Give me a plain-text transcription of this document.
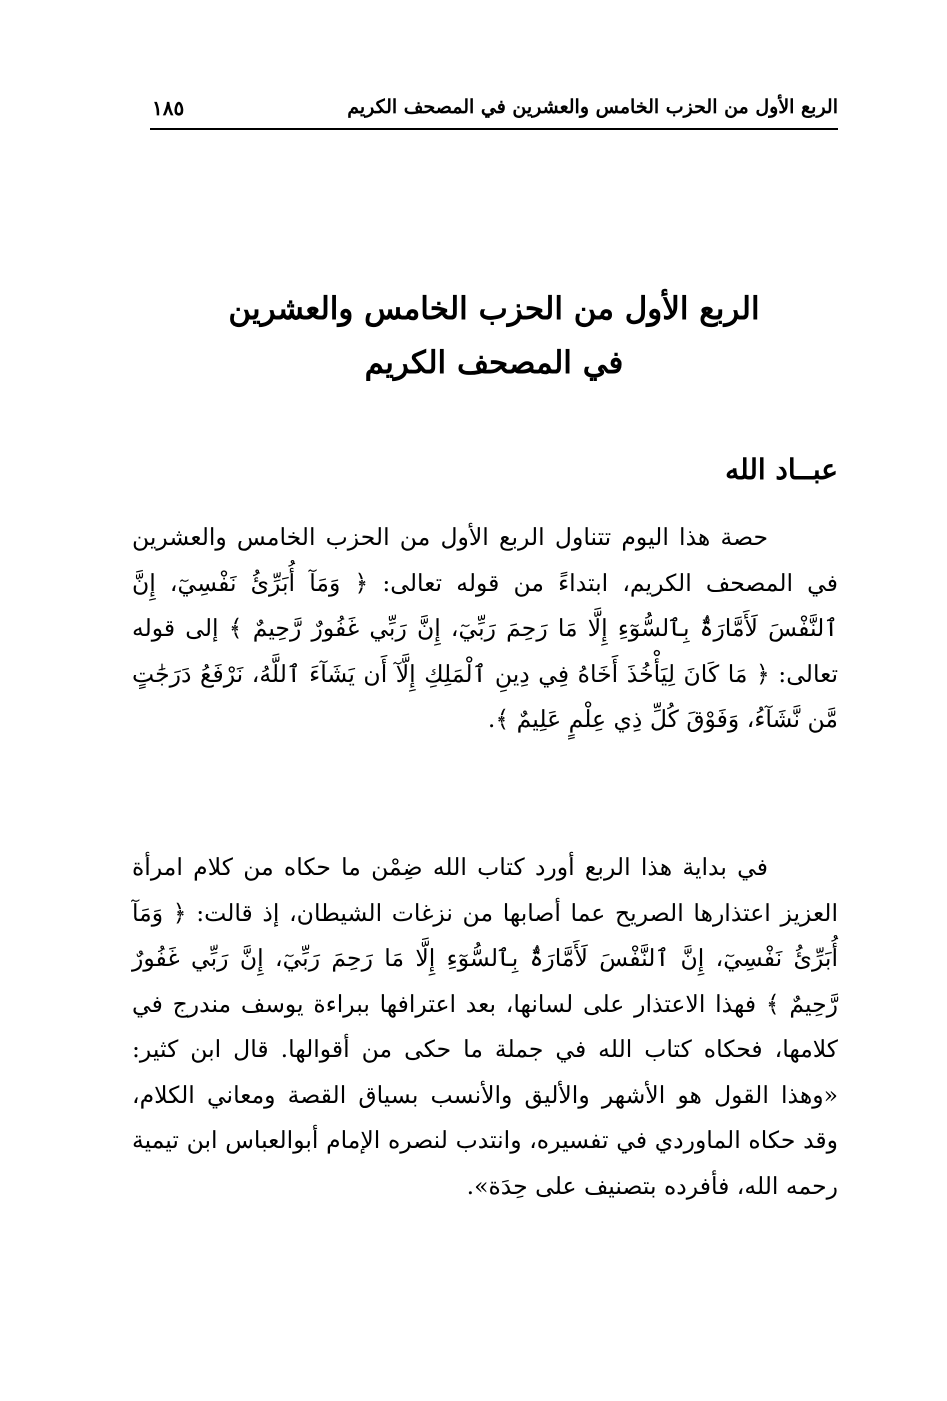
الربع الأول من الحزب الخامس والعشرين في المصحف الكريم
١٨٥
الربع الأول من الحزب الخامس والعشرين
في المصحف الكريم
عبــاد الله
حصة هذا اليوم تتناول الربع الأول من الحزب الخامس والعشرين في المصحف الكريم، ابتداءً من قوله تعالى: ﴿ وَمَآ أُبَرِّئُ نَفْسِيٓ، إِنَّ ٱلنَّفْسَ لَأَمَّارَةٌۢ بِٱلسُّوٓءِ إِلَّا مَا رَحِمَ رَبِّيٓ، إِنَّ رَبِّي غَفُورٌ رَّحِيمٌ ﴾ إلى قوله تعالى: ﴿ مَا كَانَ لِيَأْخُذَ أَخَاهُ فِي دِينِ ٱلْمَلِكِ إِلَّآ أَن يَشَآءَ ٱللَّهُ، نَرْفَعُ دَرَجَٰتٍ مَّن نَّشَآءُ، وَفَوْقَ كُلِّ ذِي عِلْمٍ عَلِيمٌ ﴾.
في بداية هذا الربع أورد كتاب الله ضِمْن ما حكاه من كلام امرأة العزيز اعتذارها الصريح عما أصابها من نزغات الشيطان، إذ قالت: ﴿ وَمَآ أُبَرِّئُ نَفْسِيٓ، إِنَّ ٱلنَّفْسَ لَأَمَّارَةٌۢ بِٱلسُّوٓءِ إِلَّا مَا رَحِمَ رَبِّيٓ، إِنَّ رَبِّي غَفُورٌ رَّحِيمٌ ﴾ فهذا الاعتذار على لسانها، بعد اعترافها ببراءة يوسف مندرج في كلامها، فحكاه كتاب الله في جملة ما حكى من أقوالها. قال ابن كثير: «وهذا القول هو الأشهر والأليق والأنسب بسياق القصة ومعاني الكلام، وقد حكاه الماوردي في تفسيره، وانتدب لنصره الإمام أبوالعباس ابن تيمية رحمه الله، فأفرده بتصنيف على حِدَة».
